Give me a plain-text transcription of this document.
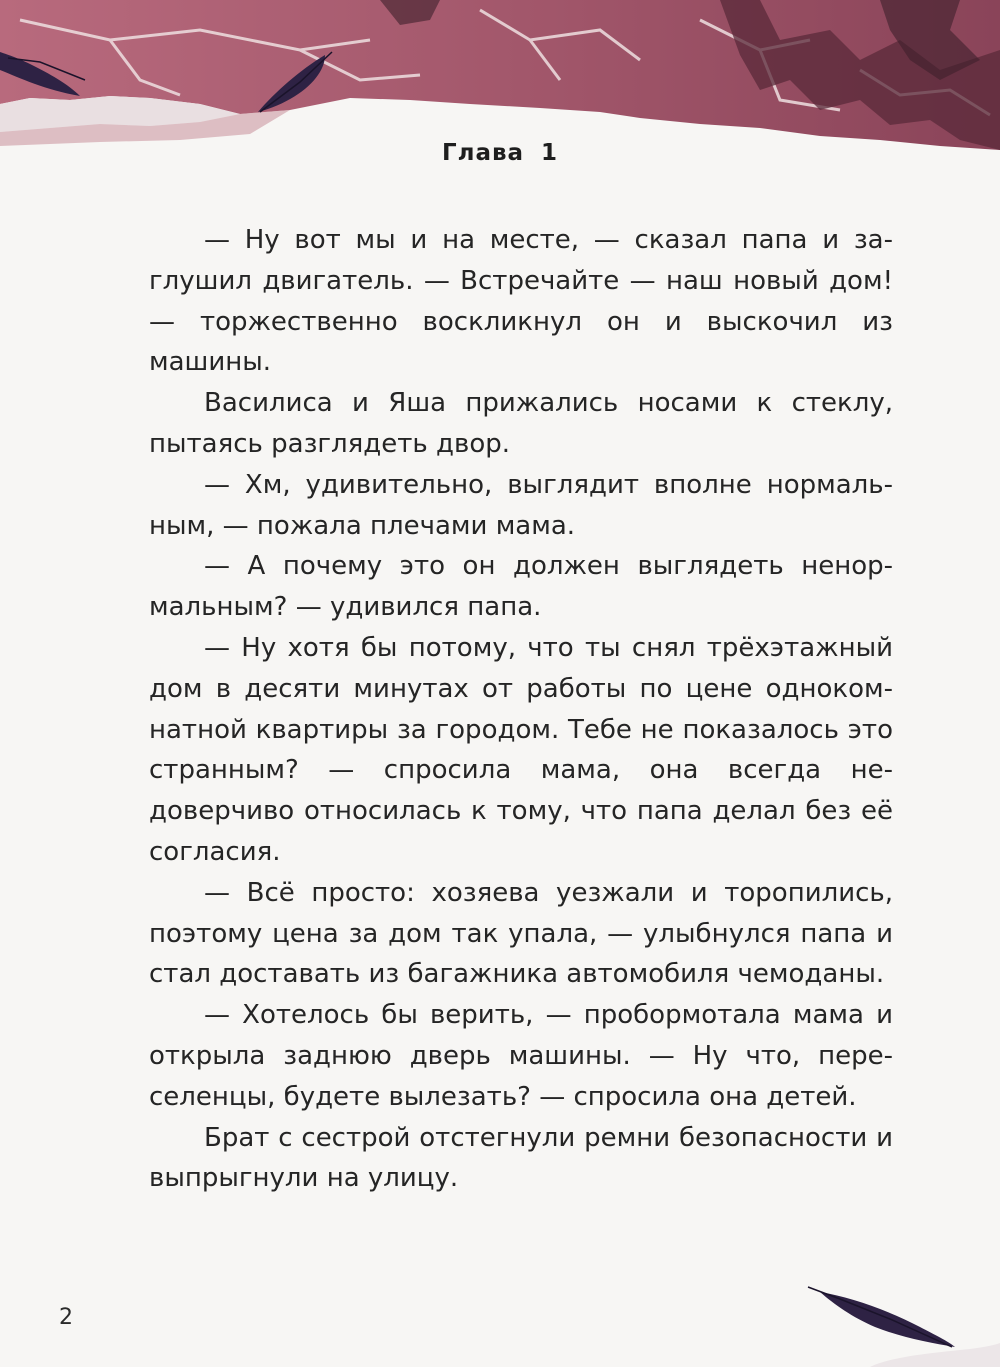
Глава 1

— Ну вот мы и на месте, — сказал папа и заглушил двигатель. — Встречайте — наш новый дом! — торжественно воскликнул он и выскочил из машины.

Василиса и Яша прижались носами к стеклу, пытаясь разглядеть двор.

— Хм, удивительно, выглядит вполне нормальным, — пожала плечами мама.

— А почему это он должен выглядеть ненормальным? — удивился папа.

— Ну хотя бы потому, что ты снял трёхэтажный дом в десяти минутах от работы по цене однокомнатной квартиры за городом. Тебе не показалось это странным? — спросила мама, она всегда недоверчиво относилась к тому, что папа делал без её согласия.

— Всё просто: хозяева уезжали и торопились, поэтому цена за дом так упала, — улыбнулся папа и стал доставать из багажника автомобиля чемоданы.

— Хотелось бы верить, — пробормотала мама и открыла заднюю дверь машины. — Ну что, переселенцы, будете вылезать? — спросила она детей.

Брат с сестрой отстегнули ремни безопасности и выпрыгнули на улицу.

2
